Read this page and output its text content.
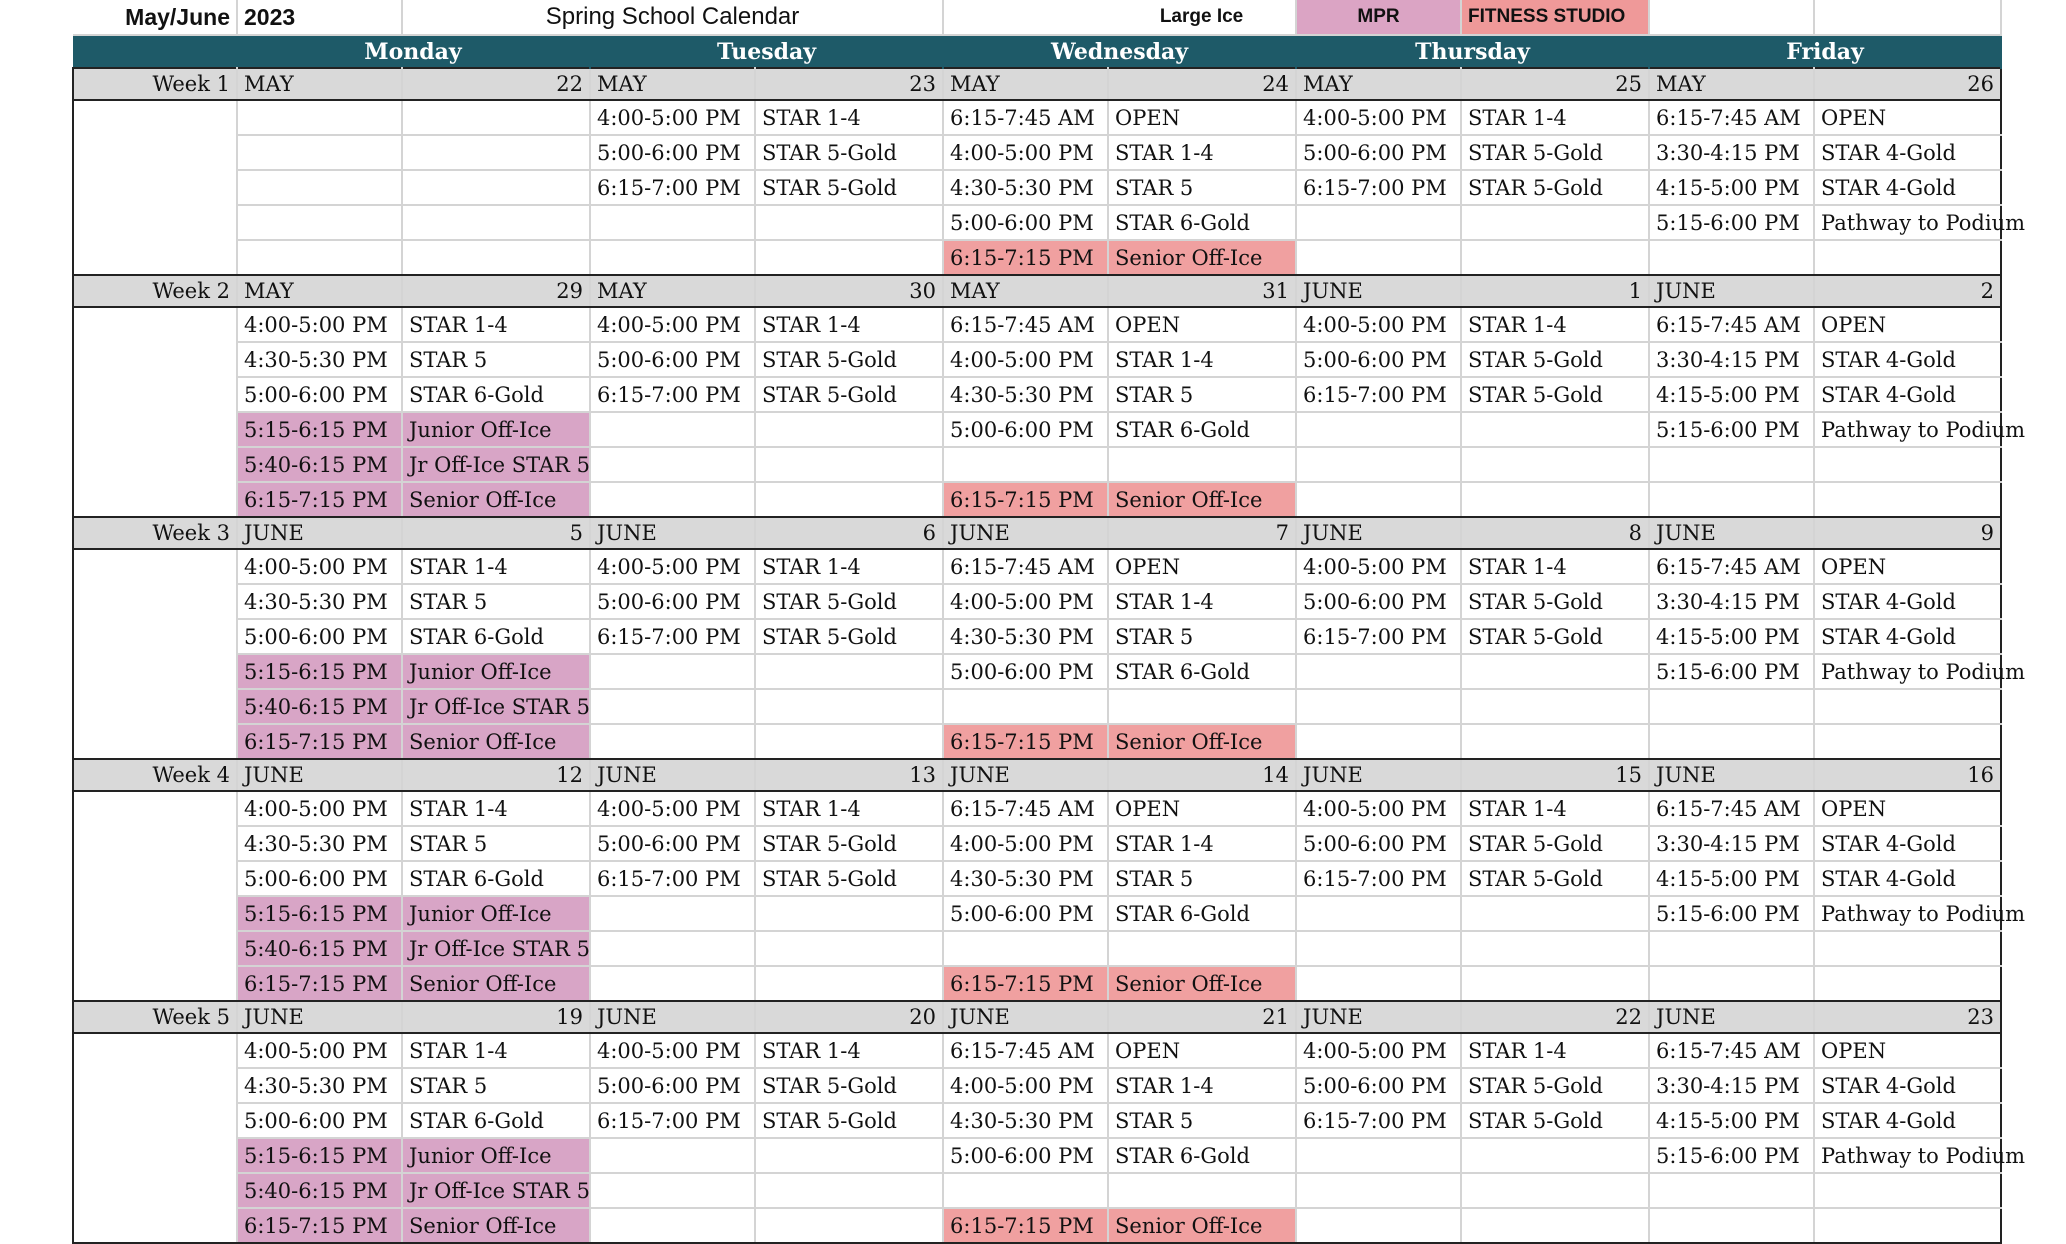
May/June	2023	Spring School Calendar				Large Ice	MPR	FITNESS STUDIO		
	Monday		Tuesday		Wednesday		Thursday		Friday	
Week 1	MAY	22	MAY	23	MAY	24	MAY	25	MAY	26
			4:00-5:00 PM	STAR 1-4	6:15-7:45 AM	OPEN	4:00-5:00 PM	STAR 1-4	6:15-7:45 AM	OPEN
			5:00-6:00 PM	STAR 5-Gold	4:00-5:00 PM	STAR 1-4	5:00-6:00 PM	STAR 5-Gold	3:30-4:15 PM	STAR 4-Gold
			6:15-7:00 PM	STAR 5-Gold	4:30-5:30 PM	STAR 5	6:15-7:00 PM	STAR 5-Gold	4:15-5:00 PM	STAR 4-Gold
					5:00-6:00 PM	STAR 6-Gold			5:15-6:00 PM	Pathway to Podium
					6:15-7:15 PM	Senior Off-Ice				
Week 2	MAY	29	MAY	30	MAY	31	JUNE	1	JUNE	2
	4:00-5:00 PM	STAR 1-4	4:00-5:00 PM	STAR 1-4	6:15-7:45 AM	OPEN	4:00-5:00 PM	STAR 1-4	6:15-7:45 AM	OPEN
	4:30-5:30 PM	STAR 5	5:00-6:00 PM	STAR 5-Gold	4:00-5:00 PM	STAR 1-4	5:00-6:00 PM	STAR 5-Gold	3:30-4:15 PM	STAR 4-Gold
	5:00-6:00 PM	STAR 6-Gold	6:15-7:00 PM	STAR 5-Gold	4:30-5:30 PM	STAR 5	6:15-7:00 PM	STAR 5-Gold	4:15-5:00 PM	STAR 4-Gold
	5:15-6:15 PM	Junior Off-Ice			5:00-6:00 PM	STAR 6-Gold			5:15-6:00 PM	Pathway to Podium
	5:40-6:15 PM	Jr Off-Ice STAR 5								
	6:15-7:15 PM	Senior Off-Ice			6:15-7:15 PM	Senior Off-Ice				
Week 3	JUNE	5	JUNE	6	JUNE	7	JUNE	8	JUNE	9
	4:00-5:00 PM	STAR 1-4	4:00-5:00 PM	STAR 1-4	6:15-7:45 AM	OPEN	4:00-5:00 PM	STAR 1-4	6:15-7:45 AM	OPEN
	4:30-5:30 PM	STAR 5	5:00-6:00 PM	STAR 5-Gold	4:00-5:00 PM	STAR 1-4	5:00-6:00 PM	STAR 5-Gold	3:30-4:15 PM	STAR 4-Gold
	5:00-6:00 PM	STAR 6-Gold	6:15-7:00 PM	STAR 5-Gold	4:30-5:30 PM	STAR 5	6:15-7:00 PM	STAR 5-Gold	4:15-5:00 PM	STAR 4-Gold
	5:15-6:15 PM	Junior Off-Ice			5:00-6:00 PM	STAR 6-Gold			5:15-6:00 PM	Pathway to Podium
	5:40-6:15 PM	Jr Off-Ice STAR 5								
	6:15-7:15 PM	Senior Off-Ice			6:15-7:15 PM	Senior Off-Ice				
Week 4	JUNE	12	JUNE	13	JUNE	14	JUNE	15	JUNE	16
	4:00-5:00 PM	STAR 1-4	4:00-5:00 PM	STAR 1-4	6:15-7:45 AM	OPEN	4:00-5:00 PM	STAR 1-4	6:15-7:45 AM	OPEN
	4:30-5:30 PM	STAR 5	5:00-6:00 PM	STAR 5-Gold	4:00-5:00 PM	STAR 1-4	5:00-6:00 PM	STAR 5-Gold	3:30-4:15 PM	STAR 4-Gold
	5:00-6:00 PM	STAR 6-Gold	6:15-7:00 PM	STAR 5-Gold	4:30-5:30 PM	STAR 5	6:15-7:00 PM	STAR 5-Gold	4:15-5:00 PM	STAR 4-Gold
	5:15-6:15 PM	Junior Off-Ice			5:00-6:00 PM	STAR 6-Gold			5:15-6:00 PM	Pathway to Podium
	5:40-6:15 PM	Jr Off-Ice STAR 5								
	6:15-7:15 PM	Senior Off-Ice			6:15-7:15 PM	Senior Off-Ice				
Week 5	JUNE	19	JUNE	20	JUNE	21	JUNE	22	JUNE	23
	4:00-5:00 PM	STAR 1-4	4:00-5:00 PM	STAR 1-4	6:15-7:45 AM	OPEN	4:00-5:00 PM	STAR 1-4	6:15-7:45 AM	OPEN
	4:30-5:30 PM	STAR 5	5:00-6:00 PM	STAR 5-Gold	4:00-5:00 PM	STAR 1-4	5:00-6:00 PM	STAR 5-Gold	3:30-4:15 PM	STAR 4-Gold
	5:00-6:00 PM	STAR 6-Gold	6:15-7:00 PM	STAR 5-Gold	4:30-5:30 PM	STAR 5	6:15-7:00 PM	STAR 5-Gold	4:15-5:00 PM	STAR 4-Gold
	5:15-6:15 PM	Junior Off-Ice			5:00-6:00 PM	STAR 6-Gold			5:15-6:00 PM	Pathway to Podium
	5:40-6:15 PM	Jr Off-Ice STAR 5								
	6:15-7:15 PM	Senior Off-Ice			6:15-7:15 PM	Senior Off-Ice				
